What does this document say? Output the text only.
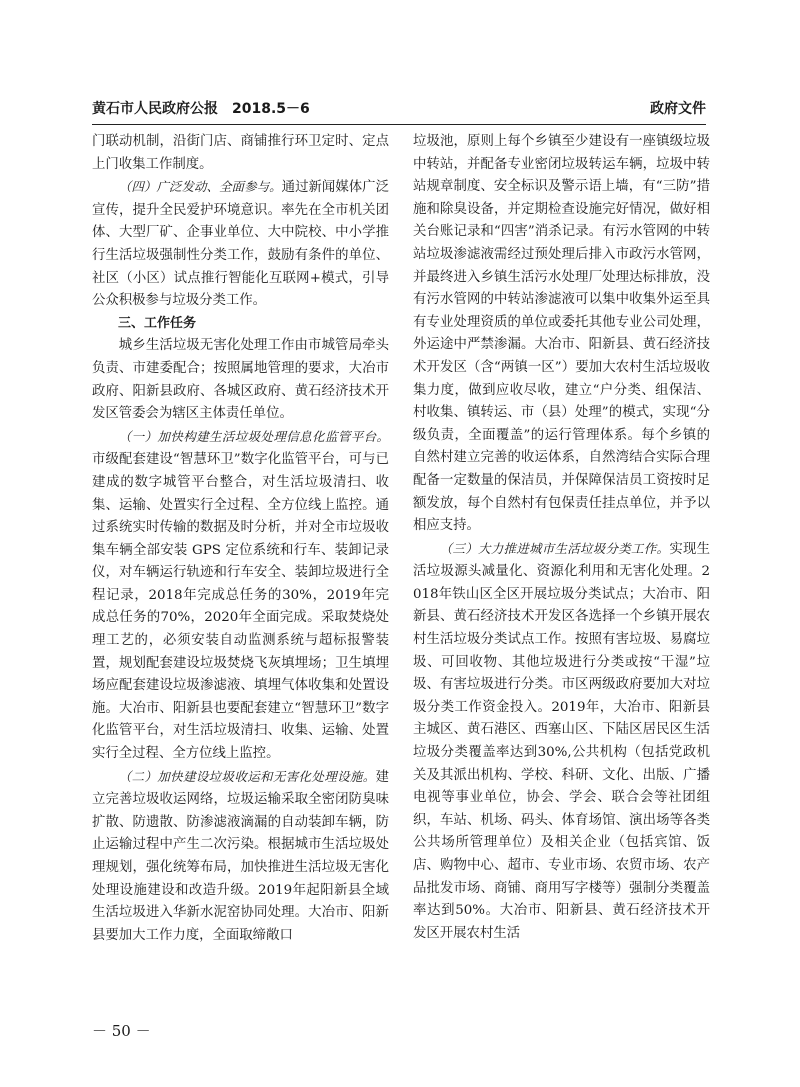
黄石市人民政府公报　2018.5－6	政府文件

门联动机制，沿街门店、商铺推行环卫定时、定点上门收集工作制度。

（四）广泛发动、全面参与。通过新闻媒体广泛宣传，提升全民爱护环境意识。率先在全市机关团体、大型厂矿、企事业单位、大中院校、中小学推行生活垃圾强制性分类工作，鼓励有条件的单位、社区（小区）试点推行智能化互联网+模式，引导公众积极参与垃圾分类工作。

三、工作任务

城乡生活垃圾无害化处理工作由市城管局牵头负责、市建委配合；按照属地管理的要求，大冶市政府、阳新县政府、各城区政府、黄石经济技术开发区管委会为辖区主体责任单位。

（一）加快构建生活垃圾处理信息化监管平台。市级配套建设“智慧环卫”数字化监管平台，可与已建成的数字城管平台整合，对生活垃圾清扫、收集、运输、处置实行全过程、全方位线上监控。通过系统实时传输的数据及时分析，并对全市垃圾收集车辆全部安装 GPS 定位系统和行车、装卸记录仪，对车辆运行轨迹和行车安全、装卸垃圾进行全程记录，2018年完成总任务的30%，2019年完成总任务的70%，2020年全面完成。采取焚烧处理工艺的，必须安装自动监测系统与超标报警装置，规划配套建设垃圾焚烧飞灰填埋场；卫生填埋场应配套建设垃圾渗滤液、填埋气体收集和处置设施。大冶市、阳新县也要配套建立“智慧环卫”数字化监管平台，对生活垃圾清扫、收集、运输、处置实行全过程、全方位线上监控。

（二）加快建设垃圾收运和无害化处理设施。建立完善垃圾收运网络，垃圾运输采取全密闭防臭味扩散、防遗散、防渗滤液滴漏的自动装卸车辆，防止运输过程中产生二次污染。根据城市生活垃圾处理规划，强化统筹布局，加快推进生活垃圾无害化处理设施建设和改造升级。2019年起阳新县全域生活垃圾进入华新水泥窑协同处理。大冶市、阳新县要加大工作力度，全面取缔敞口

垃圾池，原则上每个乡镇至少建设有一座镇级垃圾中转站，并配备专业密闭垃圾转运车辆，垃圾中转站规章制度、安全标识及警示语上墙，有“三防”措施和除臭设备，并定期检查设施完好情况，做好相关台账记录和“四害”消杀记录。有污水管网的中转站垃圾渗滤液需经过预处理后排入市政污水管网，并最终进入乡镇生活污水处理厂处理达标排放，没有污水管网的中转站渗滤液可以集中收集外运至具有专业处理资质的单位或委托其他专业公司处理，外运途中严禁渗漏。大冶市、阳新县、黄石经济技术开发区（含“两镇一区”）要加大农村生活垃圾收集力度，做到应收尽收，建立“户分类、组保洁、村收集、镇转运、市（县）处理”的模式，实现“分级负责，全面覆盖”的运行管理体系。每个乡镇的自然村建立完善的收运体系，自然湾结合实际合理配备一定数量的保洁员，并保障保洁员工资按时足额发放，每个自然村有包保责任挂点单位，并予以相应支持。

（三）大力推进城市生活垃圾分类工作。实现生活垃圾源头减量化、资源化利用和无害化处理。2018年铁山区全区开展垃圾分类试点；大冶市、阳新县、黄石经济技术开发区各选择一个乡镇开展农村生活垃圾分类试点工作。按照有害垃圾、易腐垃圾、可回收物、其他垃圾进行分类或按“干湿”垃圾、有害垃圾进行分类。市区两级政府要加大对垃圾分类工作资金投入。2019年，大冶市、阳新县主城区、黄石港区、西塞山区、下陆区居民区生活垃圾分类覆盖率达到30%,公共机构（包括党政机关及其派出机构、学校、科研、文化、出版、广播电视等事业单位，协会、学会、联合会等社团组织，车站、机场、码头、体育场馆、演出场等各类公共场所管理单位）及相关企业（包括宾馆、饭店、购物中心、超市、专业市场、农贸市场、农产品批发市场、商铺、商用写字楼等）强制分类覆盖率达到50%。大冶市、阳新县、黄石经济技术开发区开展农村生活

－ 50 －
